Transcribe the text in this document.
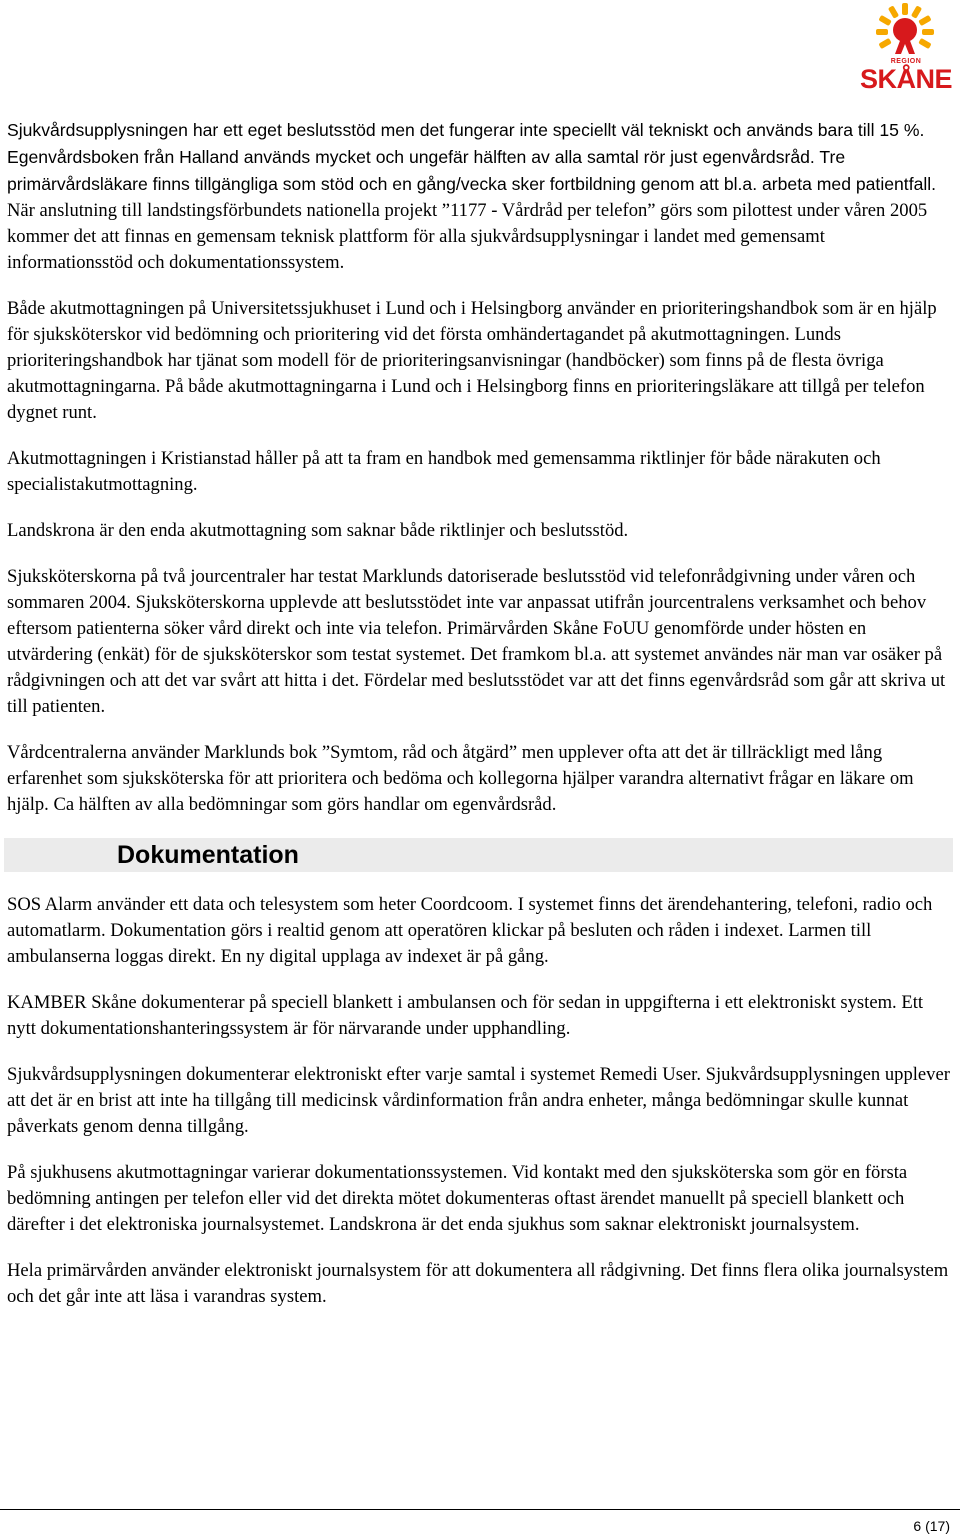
REGION
SKÅNE

Sjukvårdsupplysningen har ett eget beslutsstöd men det fungerar inte speciellt väl tekniskt och används bara till 15 %. Egenvårdsboken från Halland används mycket och ungefär hälften av alla samtal rör just egenvårdsråd. Tre primärvårdsläkare finns tillgängliga som stöd och en gång/vecka sker fortbildning genom att bl.a. arbeta med patientfall. När anslutning till landstingsförbundets nationella projekt ”1177 - Vårdråd per telefon” görs som pilottest under våren 2005 kommer det att finnas en gemensam teknisk plattform för alla sjukvårdsupplysningar i landet med gemensamt informationsstöd och dokumentationssystem.

Både akutmottagningen på Universitetssjukhuset i Lund och i Helsingborg använder en prioriteringshandbok som är en hjälp för sjuksköterskor vid bedömning och prioritering vid det första omhändertagandet på akutmottagningen. Lunds prioriteringshandbok har tjänat som modell för de prioriteringsanvisningar (handböcker) som finns på de flesta övriga akutmottagningarna. På både akutmottagningarna i Lund och i Helsingborg finns en prioriteringsläkare att tillgå per telefon dygnet runt.

Akutmottagningen i Kristianstad håller på att ta fram en handbok med gemensamma riktlinjer för både närakuten och specialistakutmottagning.

Landskrona är den enda akutmottagning som saknar både riktlinjer och beslutsstöd.

Sjuksköterskorna på två jourcentraler har testat Marklunds datoriserade beslutsstöd vid telefonrådgivning under våren och sommaren 2004. Sjuksköterskorna upplevde att beslutsstödet inte var anpassat utifrån jourcentralens verksamhet och behov eftersom patienterna söker vård direkt och inte via telefon. Primärvården Skåne FoUU genomförde under hösten en utvärdering (enkät) för de sjuksköterskor som testat systemet. Det framkom bl.a. att systemet användes när man var osäker på rådgivningen och att det var svårt att hitta i det. Fördelar med beslutsstödet var att det finns egenvårdsråd som går att skriva ut till patienten.

Vårdcentralerna använder Marklunds bok ”Symtom, råd och åtgärd” men upplever ofta att det är tillräckligt med lång erfarenhet som sjuksköterska för att prioritera och bedöma och kollegorna hjälper varandra alternativt frågar en läkare om hjälp. Ca hälften av alla bedömningar som görs handlar om egenvårdsråd.

Dokumentation

SOS Alarm använder ett data och telesystem som heter Coordcoom. I systemet finns det ärendehantering, telefoni, radio och automatlarm. Dokumentation görs i realtid genom att operatören klickar på besluten och råden i indexet. Larmen till ambulanserna loggas direkt. En ny digital upplaga av indexet är på gång.

KAMBER Skåne dokumenterar på speciell blankett i ambulansen och för sedan in uppgifterna i ett elektroniskt system. Ett nytt dokumentationshanteringssystem är för närvarande under upphandling.

Sjukvårdsupplysningen dokumenterar elektroniskt efter varje samtal i systemet Remedi User. Sjukvårdsupplysningen upplever att det är en brist att inte ha tillgång till medicinsk vårdinformation från andra enheter, många bedömningar skulle kunnat påverkats genom denna tillgång.

På sjukhusens akutmottagningar varierar dokumentationssystemen. Vid kontakt med den sjuksköterska som gör en första bedömning antingen per telefon eller vid det direkta mötet dokumenteras oftast ärendet manuellt på speciell blankett och därefter i det elektroniska journalsystemet. Landskrona är det enda sjukhus som saknar elektroniskt journalsystem.

Hela primärvården använder elektroniskt journalsystem för att dokumentera all rådgivning. Det finns flera olika journalsystem och det går inte att läsa i varandras system.

6 (17)
